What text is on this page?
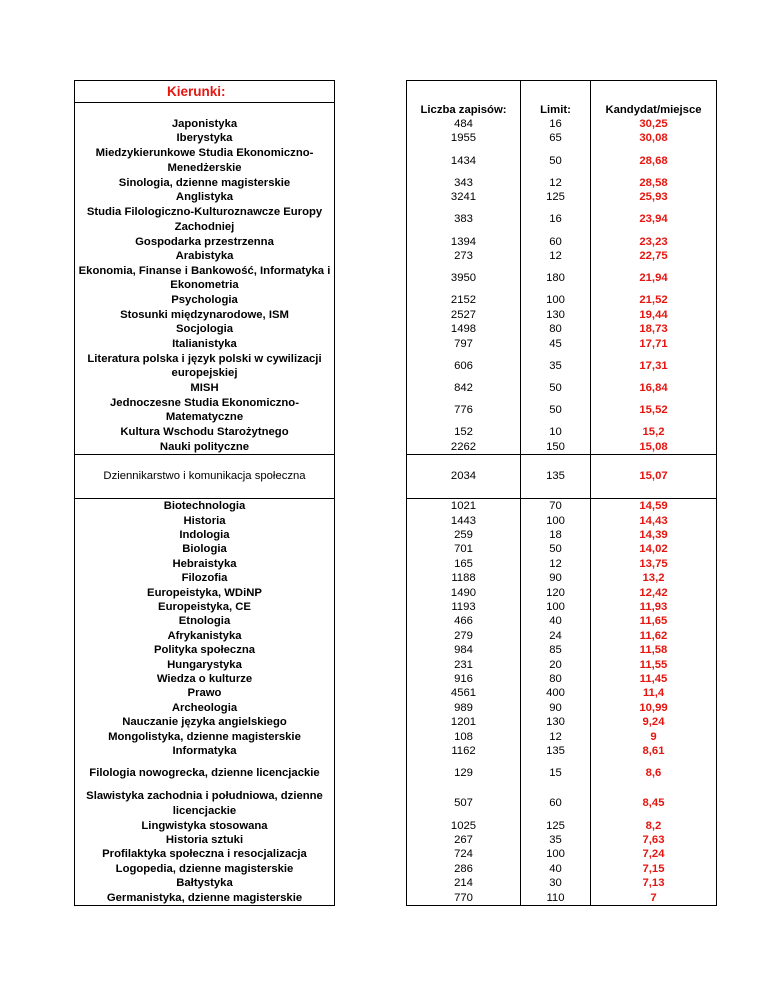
Kierunki:				
		Liczba zapisów:	Limit:	Kandydat/miejsce
Japonistyka		484	16	30,25
Iberystyka		1955	65	30,08
Miedzykierunkowe Studia Ekonomiczno-Menedżerskie		1434	50	28,68
Sinologia, dzienne magisterskie		343	12	28,58
Anglistyka		3241	125	25,93
Studia Filologiczno-Kulturoznawcze Europy Zachodniej		383	16	23,94
Gospodarka przestrzenna		1394	60	23,23
Arabistyka		273	12	22,75
Ekonomia, Finanse i Bankowość, Informatyka i Ekonometria		3950	180	21,94
Psychologia		2152	100	21,52
Stosunki międzynarodowe, ISM		2527	130	19,44
Socjologia		1498	80	18,73
Italianistyka		797	45	17,71
Literatura polska i język polski w cywilizacji europejskiej		606	35	17,31
MISH		842	50	16,84
Jednoczesne Studia Ekonomiczno-Matematyczne		776	50	15,52
Kultura Wschodu Starożytnego		152	10	15,2
Nauki polityczne		2262	150	15,08

Dziennikarstwo i komunikacja społeczna		2034	135	15,07

Biotechnologia		1021	70	14,59
Historia		1443	100	14,43
Indologia		259	18	14,39
Biologia		701	50	14,02
Hebraistyka		165	12	13,75
Filozofia		1188	90	13,2
Europeistyka, WDiNP		1490	120	12,42
Europeistyka, CE		1193	100	11,93
Etnologia		466	40	11,65
Afrykanistyka		279	24	11,62
Polityka społeczna		984	85	11,58
Hungarystyka		231	20	11,55
Wiedza o kulturze		916	80	11,45
Prawo		4561	400	11,4
Archeologia		989	90	10,99
Nauczanie języka angielskiego		1201	130	9,24
Mongolistyka, dzienne magisterskie		108	12	9
Informatyka		1162	135	8,61
Filologia nowogrecka, dzienne licencjackie		129	15	8,6
Slawistyka zachodnia i południowa, dzienne licencjackie		507	60	8,45
Lingwistyka stosowana		1025	125	8,2
Historia sztuki		267	35	7,63
Profilaktyka społeczna i resocjalizacja		724	100	7,24
Logopedia, dzienne magisterskie		286	40	7,15
Bałtystyka		214	30	7,13
Germanistyka, dzienne magisterskie		770	110	7
